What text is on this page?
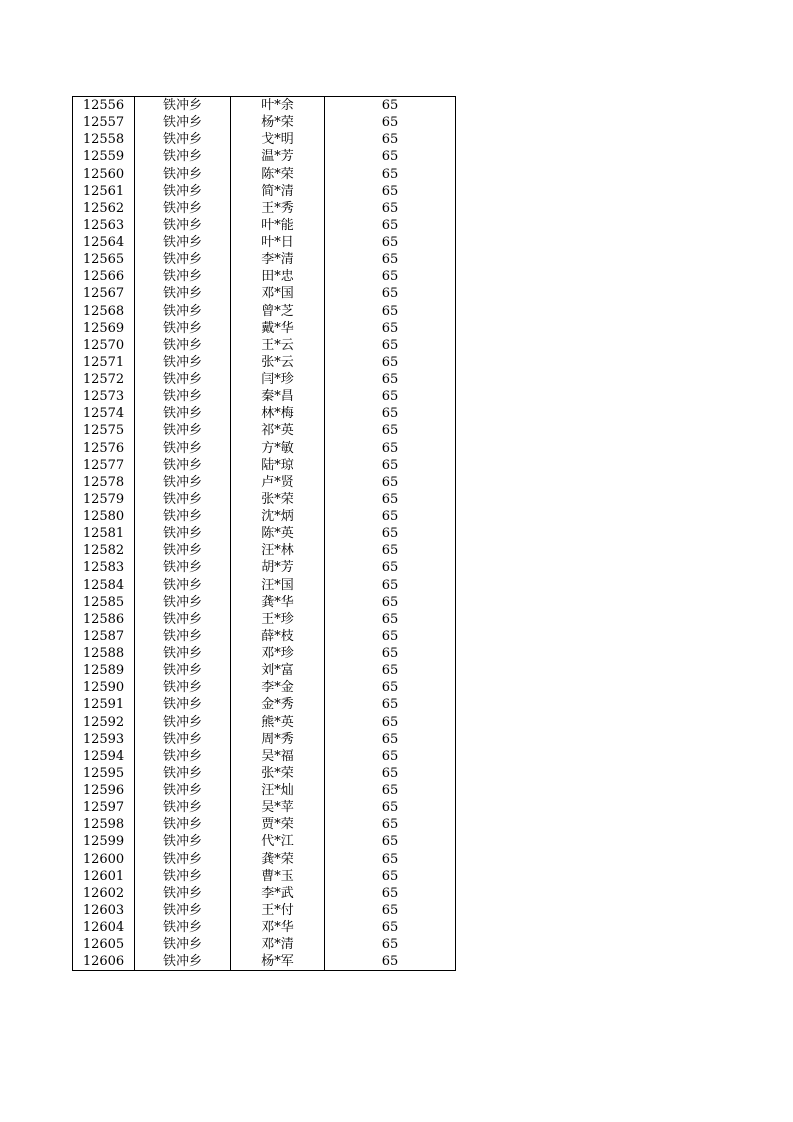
12556	铁冲乡	叶*余	65
12557	铁冲乡	杨*荣	65
12558	铁冲乡	戈*明	65
12559	铁冲乡	温*芳	65
12560	铁冲乡	陈*荣	65
12561	铁冲乡	简*清	65
12562	铁冲乡	王*秀	65
12563	铁冲乡	叶*能	65
12564	铁冲乡	叶*日	65
12565	铁冲乡	李*清	65
12566	铁冲乡	田*忠	65
12567	铁冲乡	邓*国	65
12568	铁冲乡	曾*芝	65
12569	铁冲乡	戴*华	65
12570	铁冲乡	王*云	65
12571	铁冲乡	张*云	65
12572	铁冲乡	闫*珍	65
12573	铁冲乡	秦*昌	65
12574	铁冲乡	林*梅	65
12575	铁冲乡	祁*英	65
12576	铁冲乡	方*敏	65
12577	铁冲乡	陆*琼	65
12578	铁冲乡	卢*贤	65
12579	铁冲乡	张*荣	65
12580	铁冲乡	沈*炳	65
12581	铁冲乡	陈*英	65
12582	铁冲乡	汪*林	65
12583	铁冲乡	胡*芳	65
12584	铁冲乡	汪*国	65
12585	铁冲乡	龚*华	65
12586	铁冲乡	王*珍	65
12587	铁冲乡	薛*枝	65
12588	铁冲乡	邓*珍	65
12589	铁冲乡	刘*富	65
12590	铁冲乡	李*金	65
12591	铁冲乡	金*秀	65
12592	铁冲乡	熊*英	65
12593	铁冲乡	周*秀	65
12594	铁冲乡	吴*福	65
12595	铁冲乡	张*荣	65
12596	铁冲乡	汪*灿	65
12597	铁冲乡	吴*苹	65
12598	铁冲乡	贾*荣	65
12599	铁冲乡	代*江	65
12600	铁冲乡	龚*荣	65
12601	铁冲乡	曹*玉	65
12602	铁冲乡	李*武	65
12603	铁冲乡	王*付	65
12604	铁冲乡	邓*华	65
12605	铁冲乡	邓*清	65
12606	铁冲乡	杨*军	65
